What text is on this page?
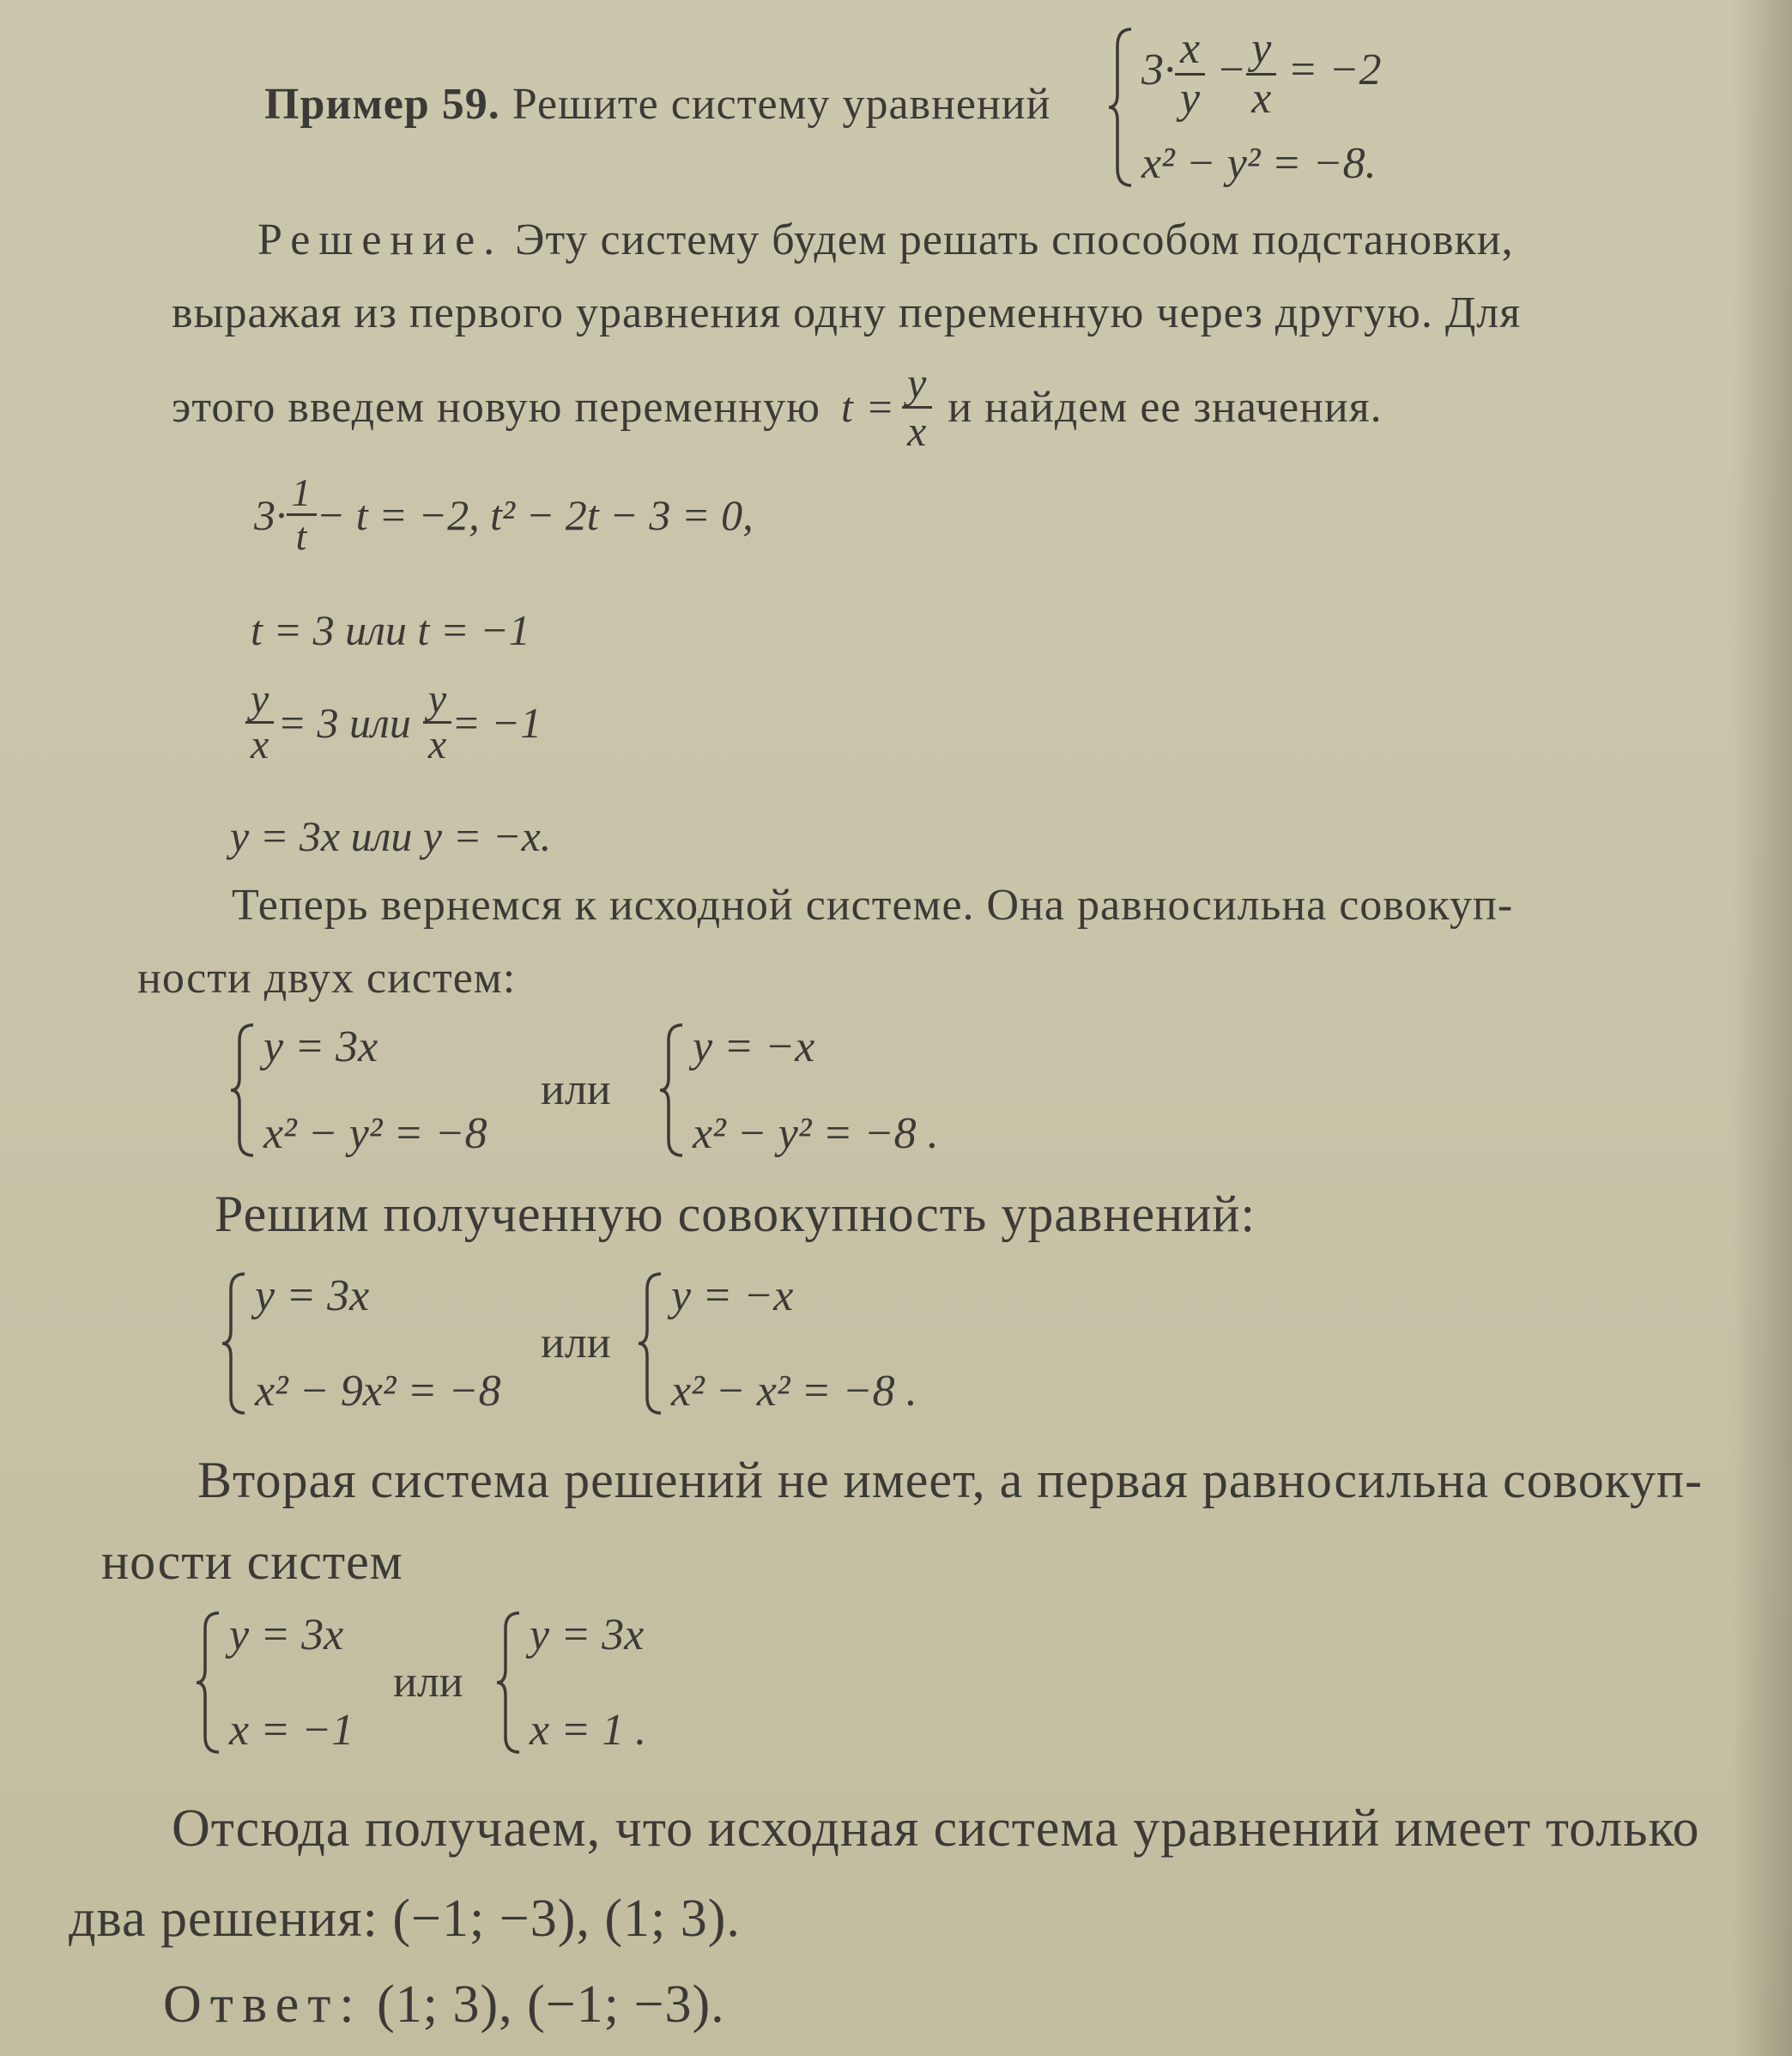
Пример 59. Решите систему уравнений
$3\cdot \frac{x}{y} - \frac{y}{x} = -2$
x² − y² = −8.
Решение. Эту систему будем решать способом подстановки,
выражая из первого уравнения одну переменную через другую. Для
этого введем новую переменную $t = \frac{y}{x}$ и найдем ее значения.
$3\cdot \frac{1}{t} - t = -2$, t² − 2t − 3 = 0,
t = 3 или t = −1
$\frac{y}{x} = 3$ или $\frac{y}{x} = -1$
y = 3x или y = −x.
Теперь вернемся к исходной системе. Она равносильна совокуп-
ности двух систем:
y = 3x
x² − y² = −8
или
y = −x
x² − y² = −8 .
Решим полученную совокупность уравнений:
y = 3x
x² − 9x² = −8
или
y = −x
x² − x² = −8 .
Вторая система решений не имеет, а первая равносильна совокуп-
ности систем
y = 3x
x = −1
или
y = 3x
x = 1 .
Отсюда получаем, что исходная система уравнений имеет только
два решения: (−1; −3), (1; 3).
Ответ: (1; 3), (−1; −3).
